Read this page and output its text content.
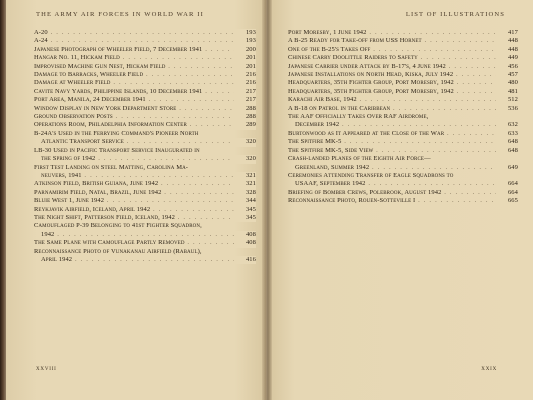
THE ARMY AIR FORCES IN WORLD WAR II
A-20 . . .	193
A-24 . . .	193
Japanese Photograph of Wheeler Field, 7 December 1941 . . .	200
Hangar No. 11, Hickam Field . . .	201
Improvised Machine Gun Nest, Hickam Field . . .	201
Damage to Barracks, Wheeler Field . . .	216
Damage at Wheeler Field . . .	216
Cavite Navy Yards, Philippine Islands, 10 December 1941 . . .	217
Port Area, Manila, 24 December 1941 . . .	217
Window Display in New York Department Store . . .	288
Ground Observation Posts . . .	288
Operations Room, Philadelphia Information Center . . .	289
B-24A's Used in the Ferrying Command's Pioneer North
Atlantic Transport Service . . .	320
LB-30 Used in Pacific Transport Service Inaugurated in
the Spring of 1942 . . .	320
First Test Landing on Steel Matting, Carolina Ma-
neuvers, 1941 . . .	321
Atkinson Field, British Guiana, June 1942 . . .	321
Parnamirim Field, Natal, Brazil, June 1942 . . .	328
Bluie West 1, June 1942 . . .	344
Reykjavik Airfield, Iceland, April 1942 . . .	345
The Night Shift, Patterson Field, Iceland, 1942 . . .	345
Camouflaged P-39 Belonging to 41st Fighter Squadron,
1942 . . .	408
The Same Plane with Camouflage Partly Removed . . .	408
Reconnaissance Photo of Vunakanau Airfield (Rabaul),
April 1942 . . .	416
xxviii
LIST OF ILLUSTRATIONS
Port Moresby, 1 June 1942 . . .	417
A B-25 Ready for Take-off from USS Hornet . . .	448
One of the B-25's Takes Off . . .	448
Chinese Carry Doolittle Raiders to Safety . . .	449
Japanese Carrier under Attack by B-17's, 4 June 1942 . . .	456
Japanese Installations on North Head, Kiska, July 1942 . . .	457
Headquarters, 35th Fighter Group, Port Moresby, 1942 . . .	480
Headquarters, 35th Fighter Group, Port Moresby, 1942 . . .	481
Karachi Air Base, 1942 . . .	512
A B-18 on Patrol in the Caribbean . . .	536
The AAF Officially Takes Over RAF Airdrome,
December 1942 . . .	632
Burtonwood as It Appeared at the Close of the War . . .	633
The Spitfire MK-5 . . .	648
The Spitfire MK-5, Side View . . .	648
Crash-landed Planes of the Eighth Air Force—
Greenland, Summer 1942 . . .	649
Ceremonies Attending Transfer of Eagle Squadrons to
USAAF, September 1942 . . .	664
Briefing of Bomber Crews, Polebrook, August 1942 . . .	664
Reconnaissance Photo, Rouen-Sotteville I . . .	665
xxix
